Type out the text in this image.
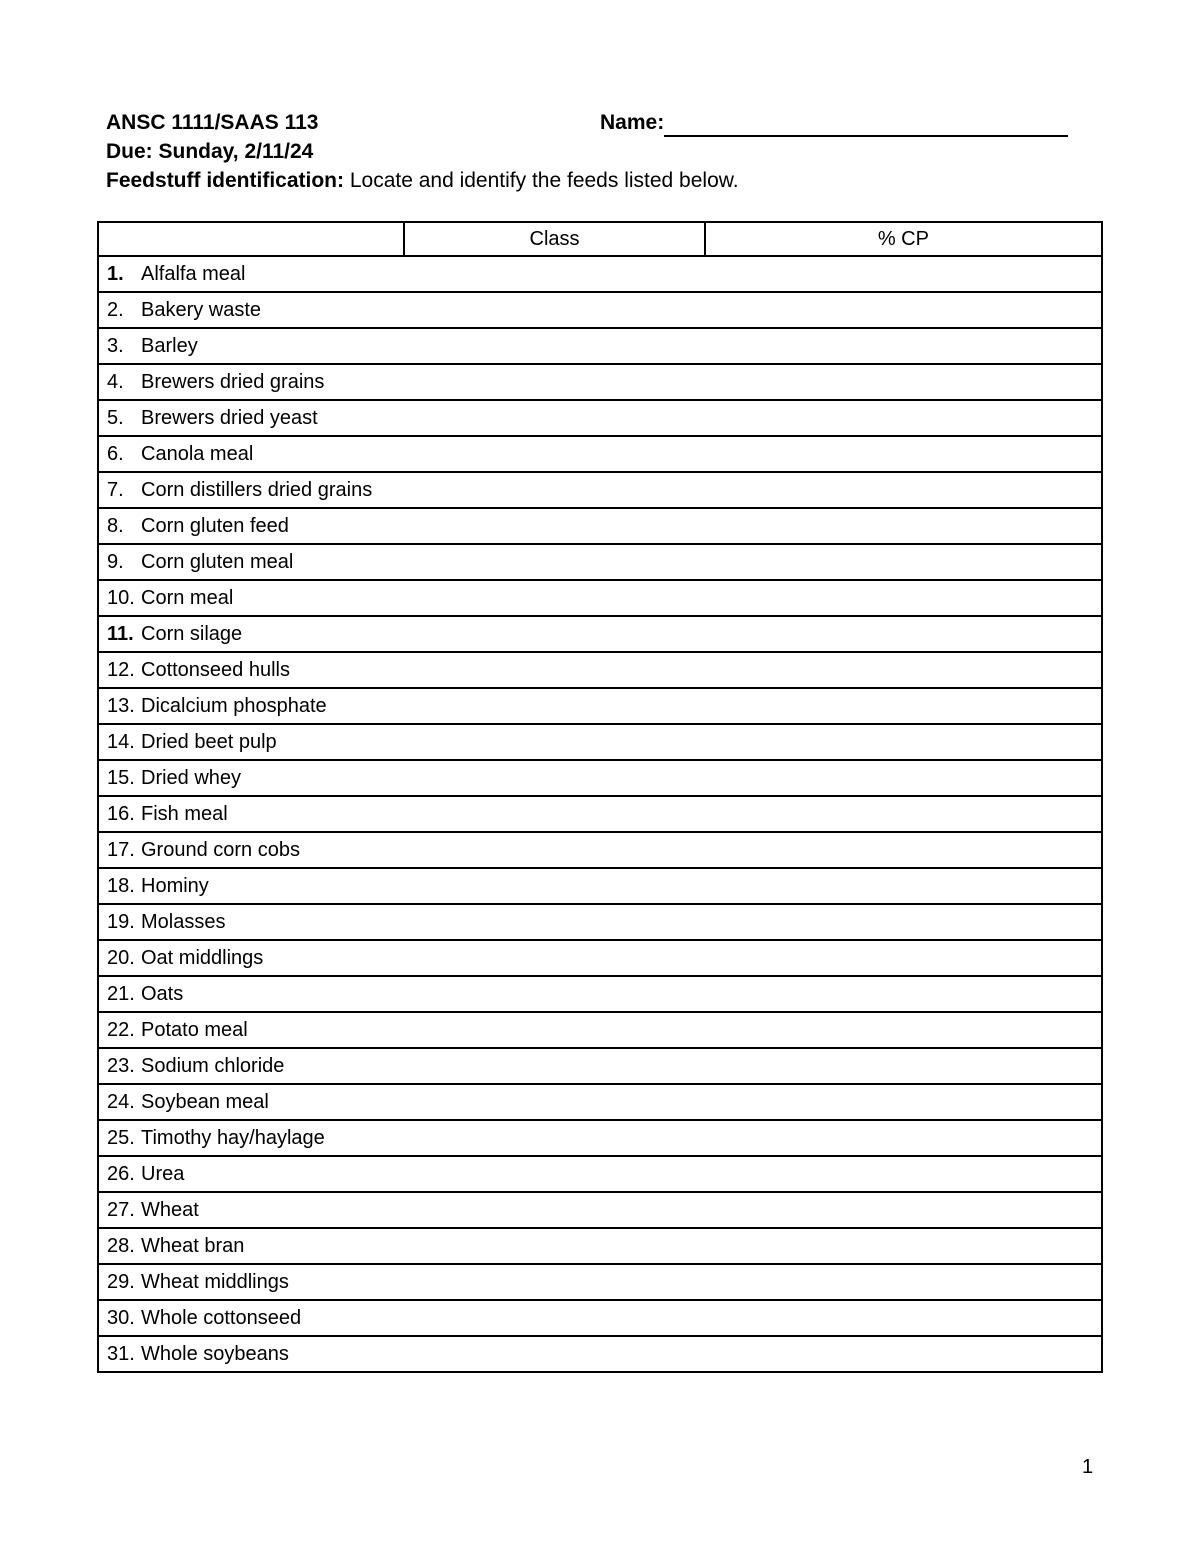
ANSC 1111/SAAS 113	Name:
Due: Sunday, 2/11/24
Feedstuff identification: Locate and identify the feeds listed below.
	Class	% CP
1. Alfalfa meal
2. Bakery waste
3. Barley
4. Brewers dried grains
5. Brewers dried yeast
6. Canola meal
7. Corn distillers dried grains
8. Corn gluten feed
9. Corn gluten meal
10. Corn meal
11. Corn silage
12. Cottonseed hulls
13. Dicalcium phosphate
14. Dried beet pulp
15. Dried whey
16. Fish meal
17. Ground corn cobs
18. Hominy
19. Molasses
20. Oat middlings
21. Oats
22. Potato meal
23. Sodium chloride
24. Soybean meal
25. Timothy hay/haylage
26. Urea
27. Wheat
28. Wheat bran
29. Wheat middlings
30. Whole cottonseed
31. Whole soybeans
1
